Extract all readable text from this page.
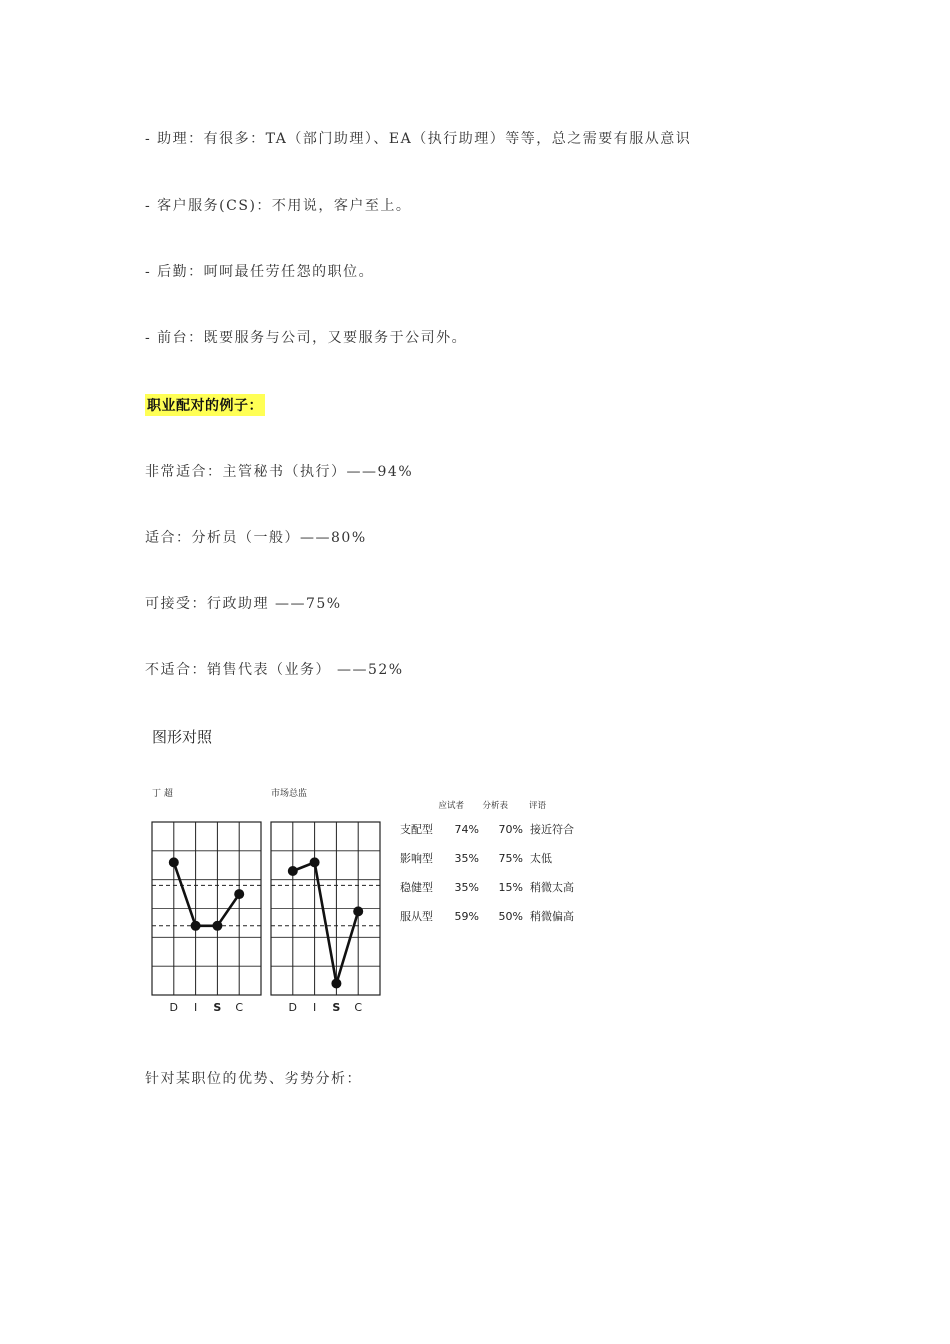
- 助理：有很多：TA（部门助理）、EA（执行助理）等等，总之需要有服从意识

- 客户服务(CS)：不用说，客户至上。

- 后勤：呵呵最任劳任怨的职位。

- 前台：既要服务与公司，又要服务于公司外。

职业配对的例子：

非常适合：主管秘书（执行）——94%

适合：分析员（一般）——80%

可接受：行政助理 ——75%

不适合：销售代表（业务） ——52%

图形对照

丁 超
D I S C
市场总监
D I S C
应试者 分析表 评语
支配型 74% 70% 接近符合
影响型 35% 75% 太低
稳健型 35% 15% 稍微太高
服从型 59% 50% 稍微偏高

针对某职位的优势、劣势分析：
